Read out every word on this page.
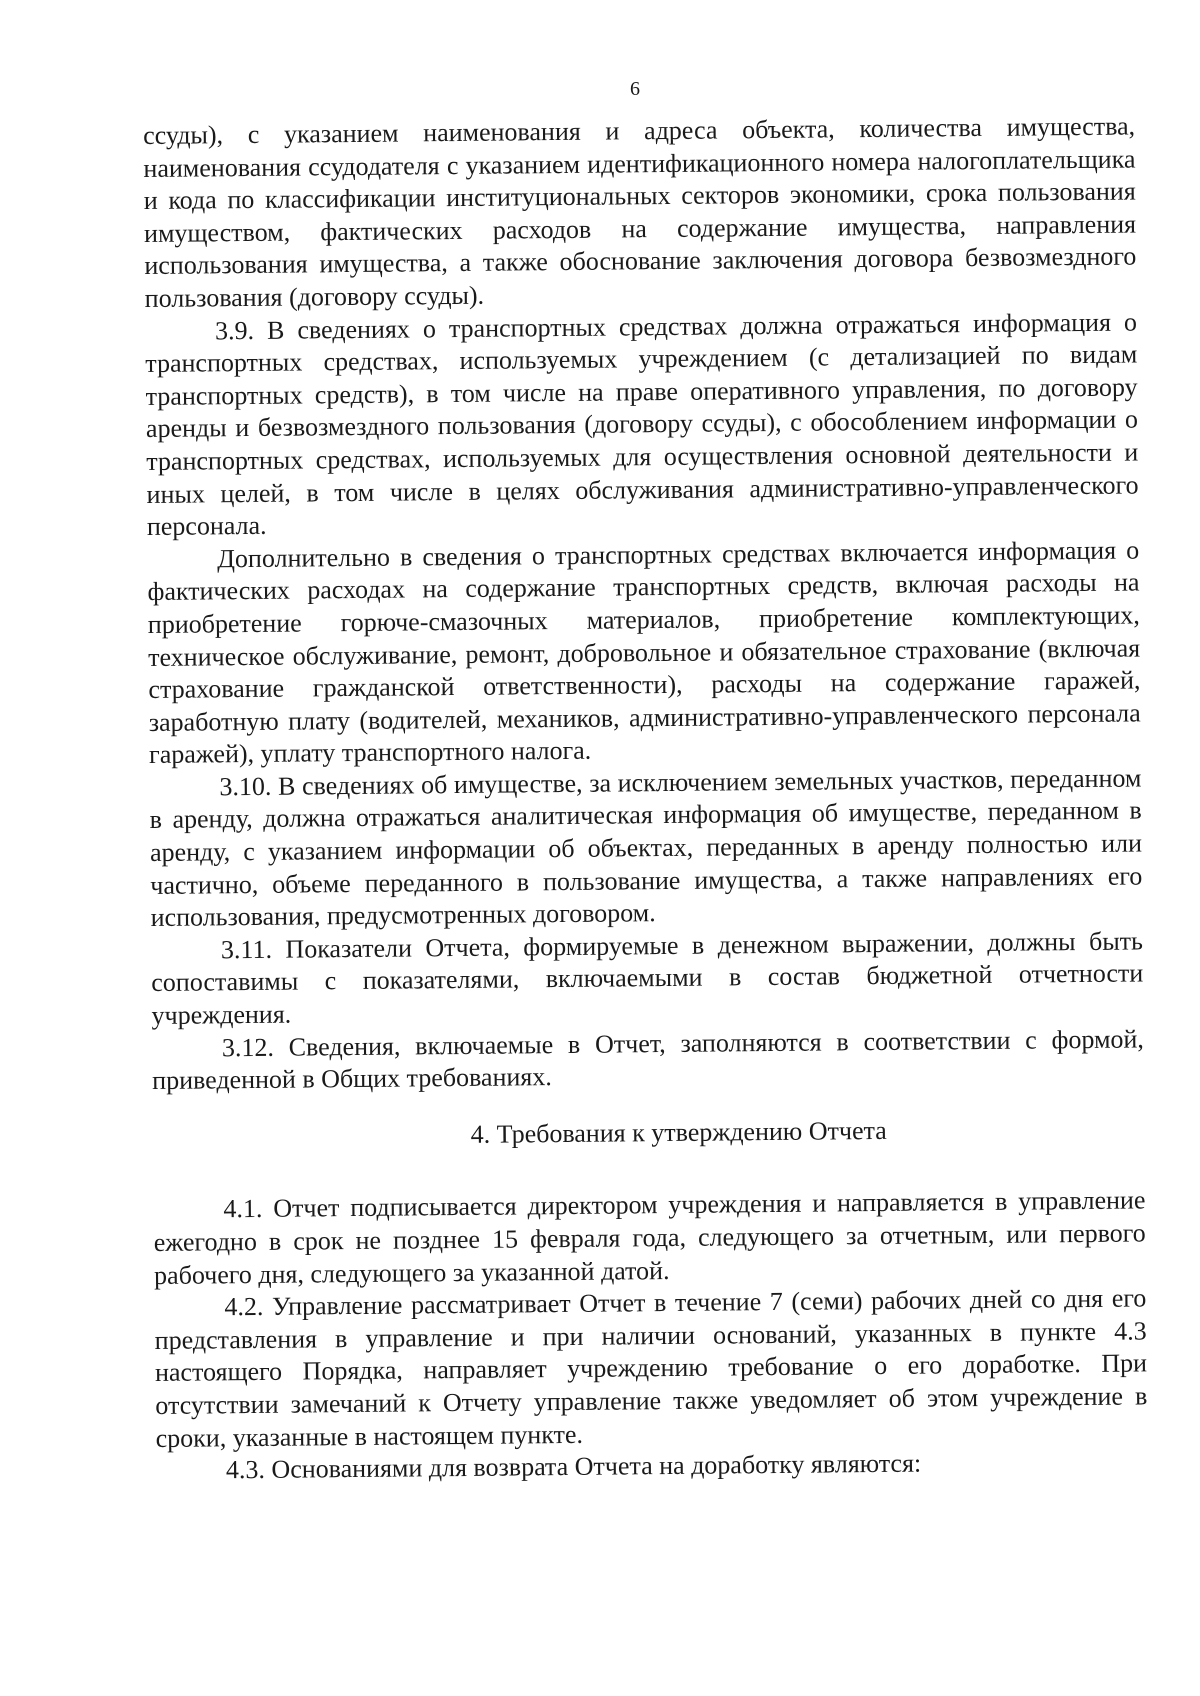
6

ссуды), с указанием наименования и адреса объекта, количества имущества, наименования ссудодателя с указанием идентификационного номера налогоплательщика и кода по классификации институциональных секторов экономики, срока пользования имуществом, фактических расходов на содержание имущества, направления использования имущества, а также обоснование заключения договора безвозмездного пользования (договору ссуды).

3.9. В сведениях о транспортных средствах должна отражаться информация о транспортных средствах, используемых учреждением (с детализацией по видам транспортных средств), в том числе на праве оперативного управления, по договору аренды и безвозмездного пользования (договору ссуды), с обособлением информации о транспортных средствах, используемых для осуществления основной деятельности и иных целей, в том числе в целях обслуживания административно-управленческого персонала.

Дополнительно в сведения о транспортных средствах включается информация о фактических расходах на содержание транспортных средств, включая расходы на приобретение горюче-смазочных материалов, приобретение комплектующих, техническое обслуживание, ремонт, добровольное и обязательное страхование (включая страхование гражданской ответственности), расходы на содержание гаражей, заработную плату (водителей, механиков, административно-управленческого персонала гаражей), уплату транспортного налога.

3.10. В сведениях об имуществе, за исключением земельных участков, переданном в аренду, должна отражаться аналитическая информация об имуществе, переданном в аренду, с указанием информации об объектах, переданных в аренду полностью или частично, объеме переданного в пользование имущества, а также направлениях его использования, предусмотренных договором.

3.11. Показатели Отчета, формируемые в денежном выражении, должны быть сопоставимы с показателями, включаемыми в состав бюджетной отчетности учреждения.

3.12. Сведения, включаемые в Отчет, заполняются в соответствии с формой, приведенной в Общих требованиях.

4. Требования к утверждению Отчета

4.1. Отчет подписывается директором учреждения и направляется в управление ежегодно в срок не позднее 15 февраля года, следующего за отчетным, или первого рабочего дня, следующего за указанной датой.

4.2. Управление рассматривает Отчет в течение 7 (семи) рабочих дней со дня его представления в управление и при наличии оснований, указанных в пункте 4.3 настоящего Порядка, направляет учреждению требование о его доработке. При отсутствии замечаний к Отчету управление также уведомляет об этом учреждение в сроки, указанные в настоящем пункте.

4.3. Основаниями для возврата Отчета на доработку являются:
